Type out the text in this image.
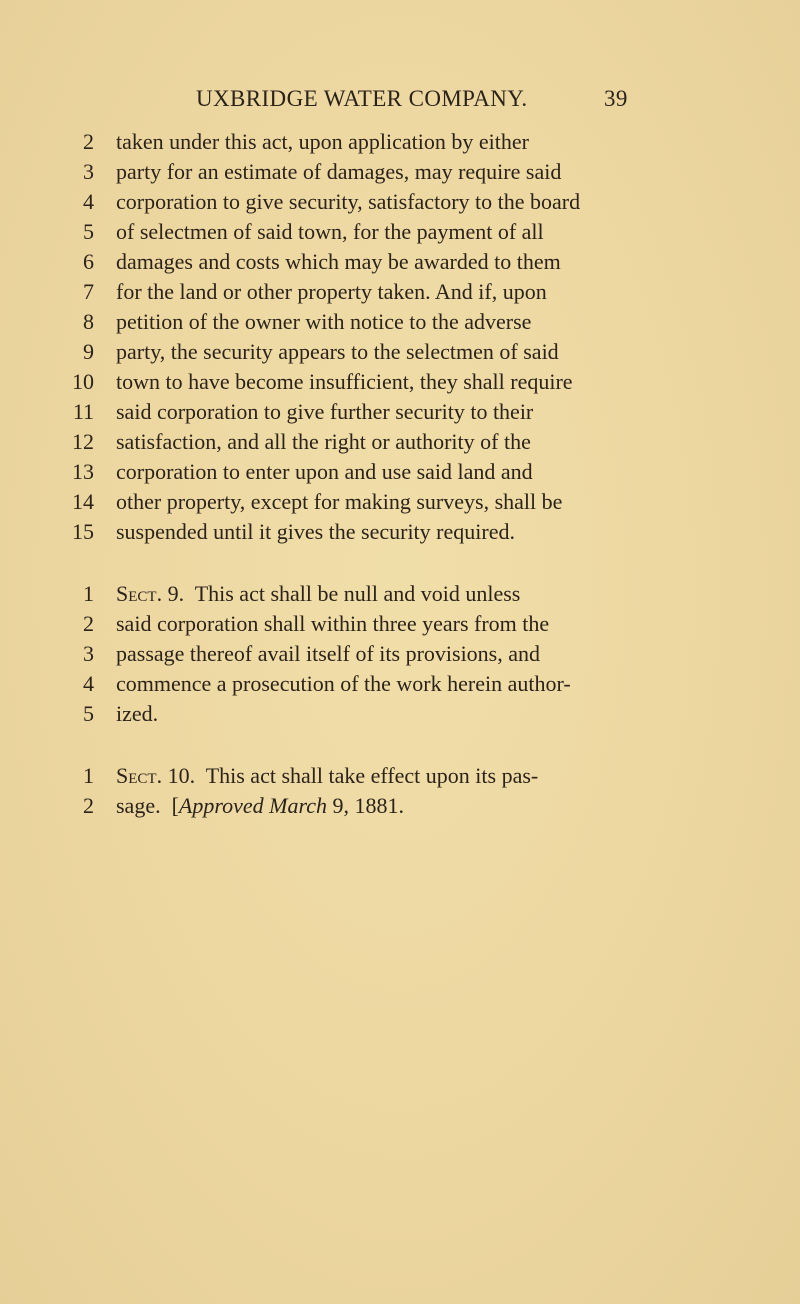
UXBRIDGE WATER COMPANY.	39
2 taken under this act, upon application by either
3 party for an estimate of damages, may require said
4 corporation to give security, satisfactory to the board
5 of selectmen of said town, for the payment of all
6 damages and costs which may be awarded to them
7 for the land or other property taken. And if, upon
8 petition of the owner with notice to the adverse
9 party, the security appears to the selectmen of said
10 town to have become insufficient, they shall require
11 said corporation to give further security to their
12 satisfaction, and all the right or authority of the
13 corporation to enter upon and use said land and
14 other property, except for making surveys, shall be
15 suspended until it gives the security required.
1 Sect. 9. This act shall be null and void unless
2 said corporation shall within three years from the
3 passage thereof avail itself of its provisions, and
4 commence a prosecution of the work herein author-
5 ized.
1 Sect. 10. This act shall take effect upon its pas-
2 sage. [Approved March 9, 1881.
